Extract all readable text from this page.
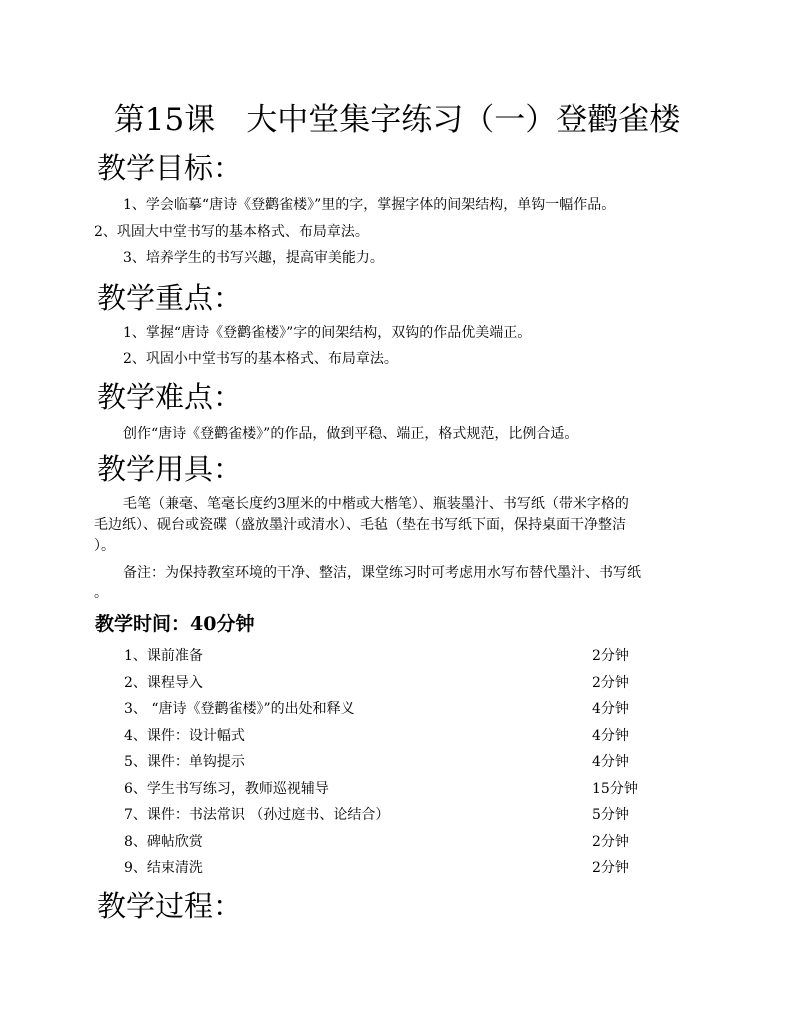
第15课　大中堂集字练习（一）登鹳雀楼
教学目标：
1、学会临摹“唐诗《登鹳雀楼》”里的字，掌握字体的间架结构，单钩一幅作品。
2、巩固大中堂书写的基本格式、布局章法。
3、培养学生的书写兴趣，提高审美能力。
教学重点：
1、掌握“唐诗《登鹳雀楼》”字的间架结构，双钩的作品优美端正。
2、巩固小中堂书写的基本格式、布局章法。
教学难点：
创作“唐诗《登鹳雀楼》”的作品，做到平稳、端正，格式规范，比例合适。
教学用具：
毛笔（兼毫、笔毫长度约3厘米的中楷或大楷笔）、瓶装墨汁、书写纸（带米字格的
毛边纸）、砚台或瓷碟（盛放墨汁或清水）、毛毡（垫在书写纸下面，保持桌面干净整洁
）。
备注：为保持教室环境的干净、整洁，课堂练习时可考虑用水写布替代墨汁、书写纸
。
教学时间：40分钟
1、课前准备	2分钟
2、课程导入	2分钟
3、 “唐诗《登鹳雀楼》”的出处和释义	4分钟
4、课件：设计幅式	4分钟
5、课件：单钩提示	4分钟
6、学生书写练习，教师巡视辅导	15分钟
7、课件：书法常识 （孙过庭书、论结合）	5分钟
8、碑帖欣赏	2分钟
9、结束清洗	2分钟
教学过程：
